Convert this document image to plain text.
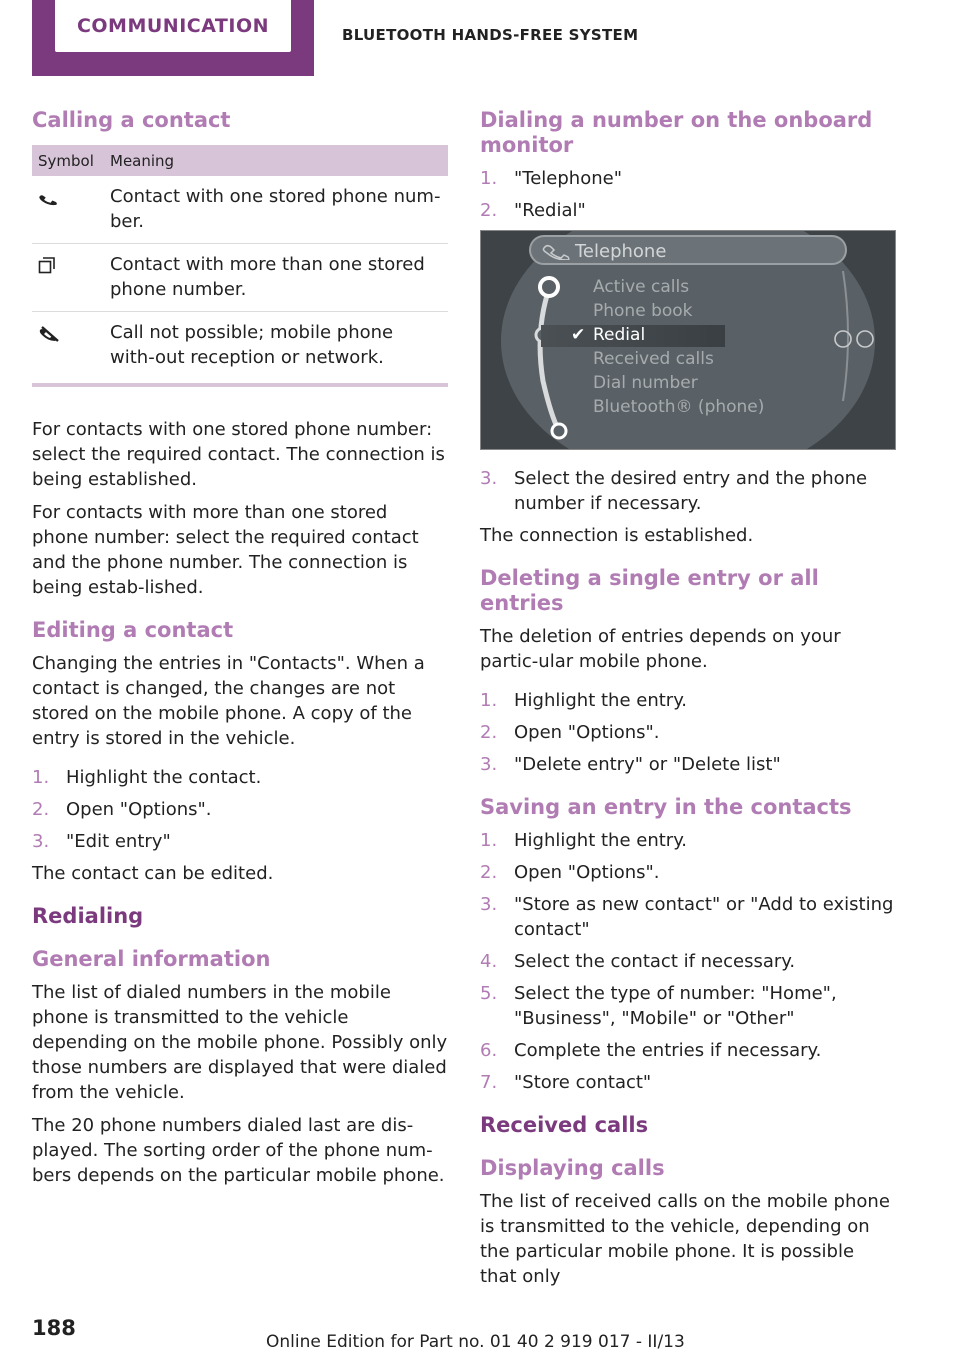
COMMUNICATION	BLUETOOTH HANDS-FREE SYSTEM
Calling a contact
Symbol	Meaning
	Contact with one stored phone num-ber.
	Contact with more than one stored phone number.
	Call not possible; mobile phone with-out reception or network.

For contacts with one stored phone number: select the required contact. The connection is being established.

For contacts with more than one stored phone number: select the required contact and the phone number. The connection is being estab-lished.

Editing a contact

Changing the entries in "Contacts". When a contact is changed, the changes are not stored on the mobile phone. A copy of the entry is stored in the vehicle.

1. Highlight the contact.
2. Open "Options".
3. "Edit entry"

The contact can be edited.

Redialing
General information

The list of dialed numbers in the mobile phone is transmitted to the vehicle depending on the mobile phone. Possibly only those numbers are displayed that were dialed from the vehicle.

The 20 phone numbers dialed last are dis-played. The sorting order of the phone num-bers depends on the particular mobile phone.

Dialing a number on the onboard monitor
1. "Telephone"
2. "Redial"
Telephone
Active calls
Phone book
✔ Redial
Received calls
Dial number
Bluetooth® (phone)
3. Select the desired entry and the phone number if necessary.

The connection is established.

Deleting a single entry or all entries

The deletion of entries depends on your partic-ular mobile phone.

1. Highlight the entry.
2. Open "Options".
3. "Delete entry" or "Delete list"
Saving an entry in the contacts
1. Highlight the entry.
2. Open "Options".
3. "Store as new contact" or "Add to existing contact"
4. Select the contact if necessary.
5. Select the type of number: "Home", "Business", "Mobile" or "Other"
6. Complete the entries if necessary.
7. "Store contact"
Received calls
Displaying calls

The list of received calls on the mobile phone is transmitted to the vehicle, depending on the particular mobile phone. It is possible that only

188
Online Edition for Part no. 01 40 2 919 017 - II/13
